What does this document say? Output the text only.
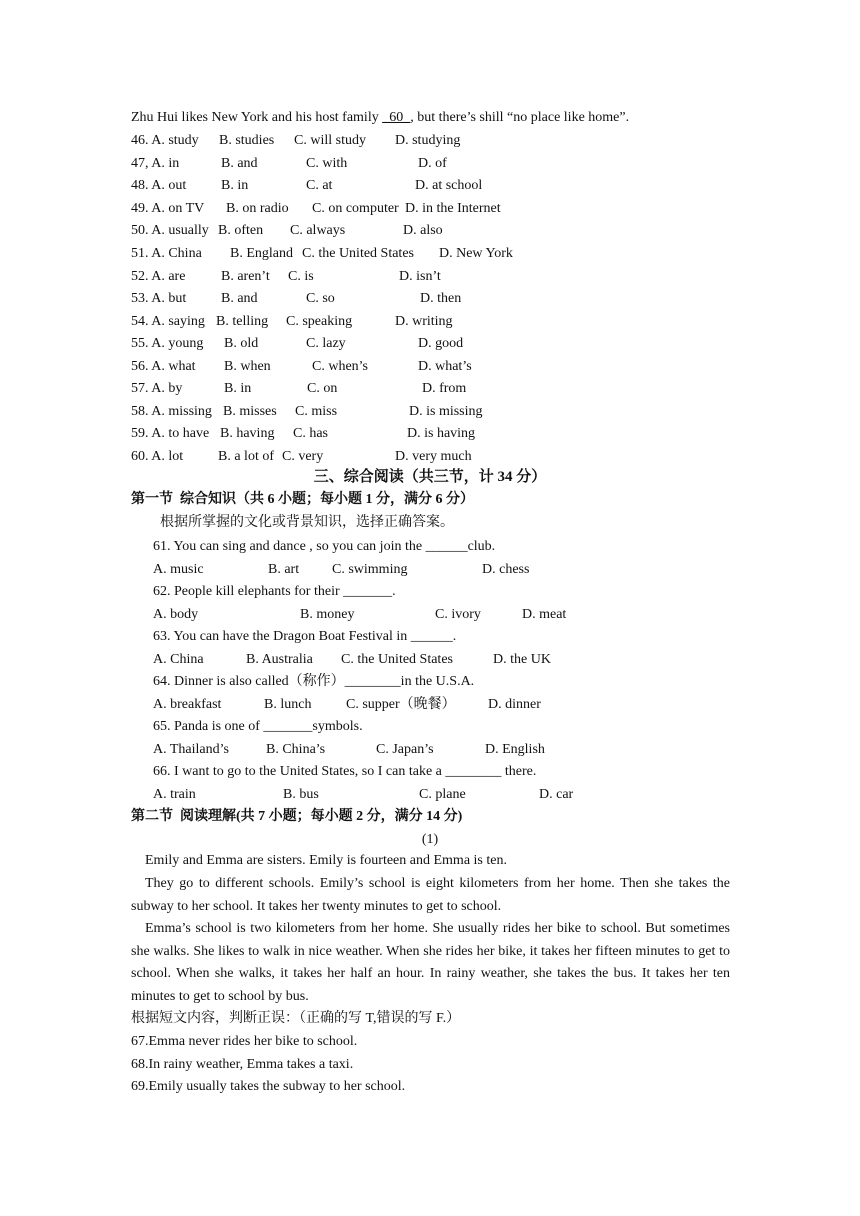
Zhu Hui likes New York and his host family _60_, but there’s shill “no place like home”.
46. A. study B. studies C. will study D. studying
47, A. in	B. and	C. with	D. of
48. A. out B. in	C. at	D. at school
49. A. on TV B. on radio C. on computer D. in the Internet
50. A. usually B. often C. always	D. also
51. A. China B. England C. the United States D. New York
52. A. are	B. aren’t C. is	D. isn’t
53. A. but B. and	C. so	D. then
54. A. saying B. telling C. speaking	D. writing
55. A. young B. old	C. lazy	D. good
56. A. what B. when	C. when’s	D. what’s
57. A. by	B. in	C. on	D. from
58. A. missing B. misses C. miss	D. is missing
59. A. to have B. having C. has	D. is having
60. A. lot B. a lot of C. very	D. very much
三、综合阅读（共三节，计 34 分）
第一节  综合知识（共 6 小题；每小题 1 分，满分 6 分）
根据所掌握的文化或背景知识，选择正确答案。
61. You can sing and dance , so you can join the ______club.
A. music	B. art C. swimming	D. chess
62. People kill elephants for their _______.
A. body	B. money	C. ivory	D. meat
63. You can have the Dragon Boat Festival in ______.
A. China	B. Australia C. the United States	D. the UK
64. Dinner is also called（称作）________in the U.S.A.
A. breakfast	B. lunch C. supper（晚餐） D. dinner
65. Panda is one of _______symbols.
A. Thailand’s	B. China’s	C. Japan’s	D. English
66. I want to go to the United States, so I can take a ________ there.
A. train	B. bus	C. plane	D. car
第二节  阅读理解(共 7 小题；每小题 2 分，满分 14 分)
(1)
Emily and Emma are sisters. Emily is fourteen and Emma is ten.
They go to different schools. Emily’s school is eight kilometers from her home. Then she takes the subway to her school. It takes her twenty minutes to get to school.
Emma’s school is two kilometers from her home. She usually rides her bike to school. But sometimes she walks. She likes to walk in nice weather. When she rides her bike, it takes her fifteen minutes to get to school. When she walks, it takes her half an hour. In rainy weather, she takes the bus. It takes her ten minutes to get to school by bus.
根据短文内容，判断正误：（正确的写 T,错误的写 F.）
67.Emma never rides her bike to school.
68.In rainy weather, Emma takes a taxi.
69.Emily usually takes the subway to her school.
